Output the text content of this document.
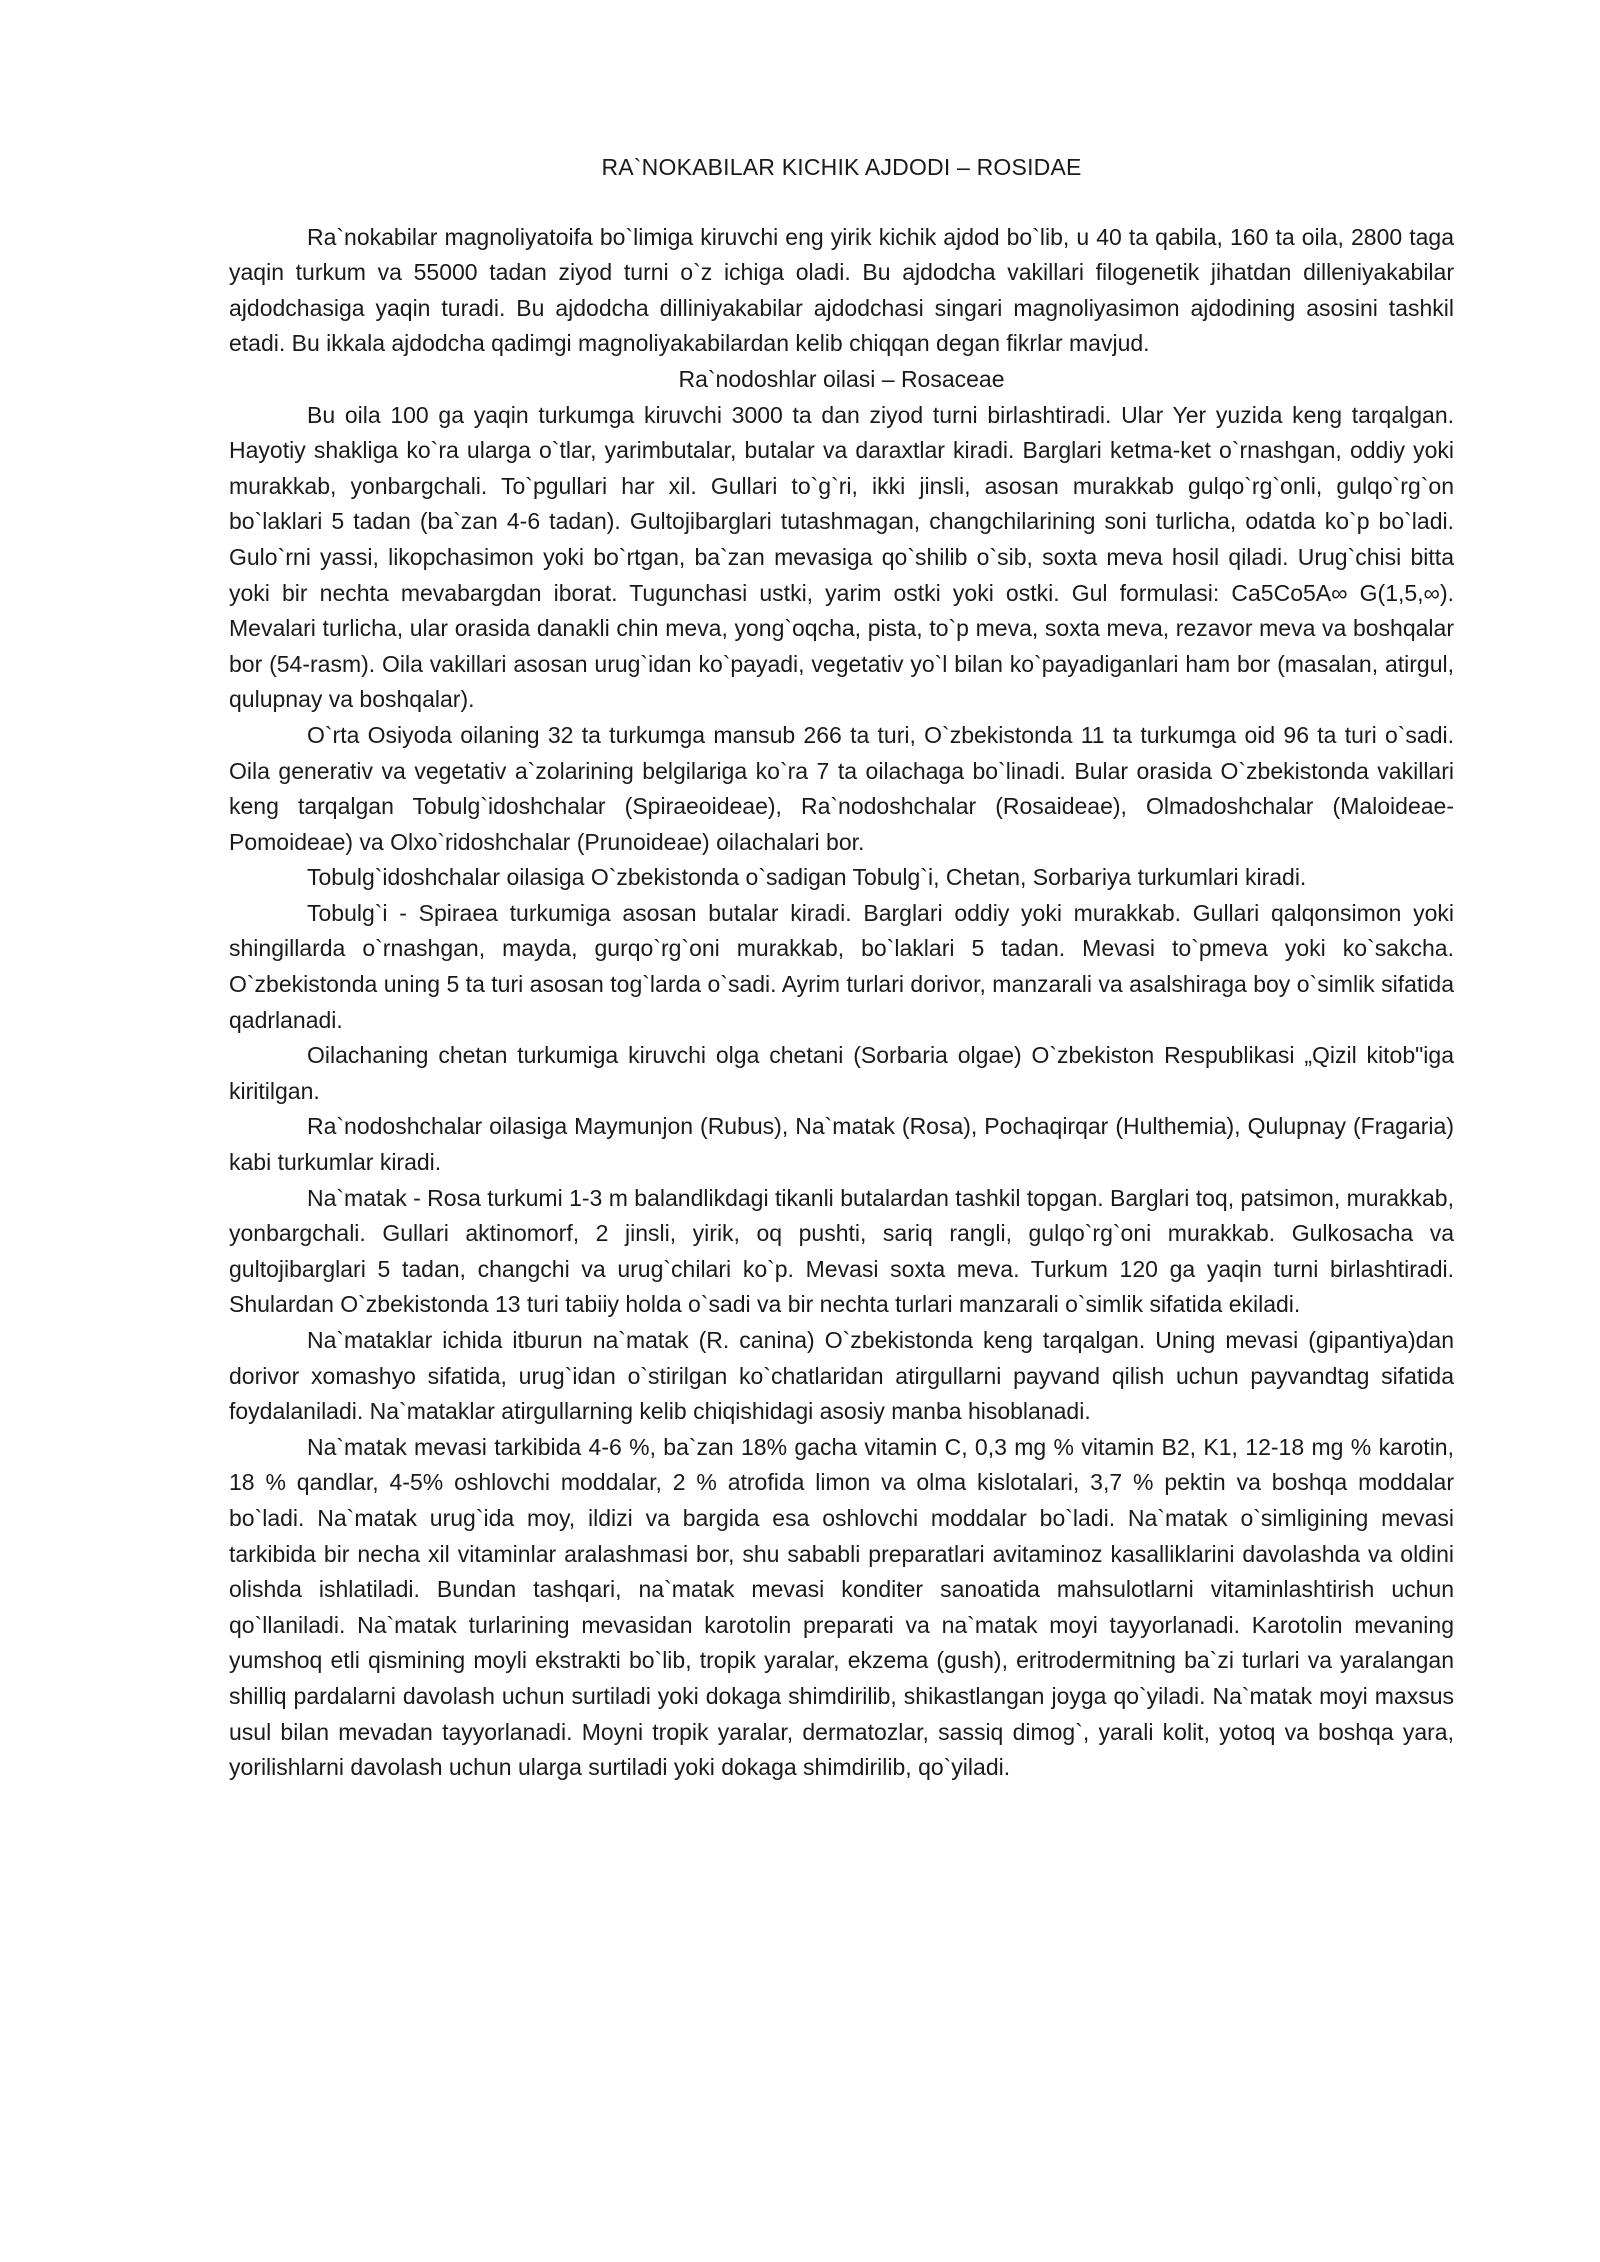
RA`NOKABILAR KICHIK AJDODI – ROSIDAE

Ra`nokabilar magnoliyatoifa bo`limiga kiruvchi eng yirik kichik ajdod bo`lib, u 40 ta qabila, 160 ta oila, 2800 taga yaqin turkum va 55000 tadan ziyod turni o`z ichiga oladi. Bu ajdodcha vakillari filogenetik jihatdan dilleniyakabilar ajdodchasiga yaqin turadi. Bu ajdodcha dilliniyakabilar ajdodchasi singari magnoliyasimon ajdodining asosini tashkil etadi. Bu ikkala ajdodcha qadimgi magnoliyakabilardan kelib chiqqan degan fikrlar mavjud.

Ra`nodoshlar oilasi – Rosaceae

Bu oila 100 ga yaqin turkumga kiruvchi 3000 ta dan ziyod turni birlashtiradi. Ular Yer yuzida keng tarqalgan. Hayotiy shakliga ko`ra ularga o`tlar, yarimbutalar, butalar va daraxtlar kiradi. Barglari ketma-ket o`rnashgan, oddiy yoki murakkab, yonbargchali. To`pgullari har xil. Gullari to`g`ri, ikki jinsli, asosan murakkab gulqo`rg`onli, gulqo`rg`on bo`laklari 5 tadan (ba`zan 4-6 tadan). Gultojibarglari tutashmagan, changchilarining soni turlicha, odatda ko`p bo`ladi. Gulo`rni yassi, likopchasimon yoki bo`rtgan, ba`zan mevasiga qo`shilib o`sib, soxta meva hosil qiladi. Urug`chisi bitta yoki bir nechta mevabargdan iborat. Tugunchasi ustki, yarim ostki yoki ostki. Gul formulasi: Ca5Co5A∞ G(1,5,∞). Mevalari turlicha, ular orasida danakli chin meva, yong`oqcha, pista, to`p meva, soxta meva, rezavor meva va boshqalar bor (54-rasm). Oila vakillari asosan urug`idan ko`payadi, vegetativ yo`l bilan ko`payadiganlari ham bor (masalan, atirgul, qulupnay va boshqalar).

O`rta Osiyoda oilaning 32 ta turkumga mansub 266 ta turi, O`zbekistonda 11 ta turkumga oid 96 ta turi o`sadi. Oila generativ va vegetativ a`zolarining belgilariga ko`ra 7 ta oilachaga bo`linadi. Bular orasida O`zbekistonda vakillari keng tarqalgan Tobulg`idoshchalar (Spiraeoideae), Ra`nodoshchalar (Rosaideae), Olmadoshchalar (Maloideae-Pomoideae) va Olxo`ridoshchalar (Prunoideae) oilachalari bor.

Tobulg`idoshchalar oilasiga O`zbekistonda o`sadigan Tobulg`i, Chetan, Sorbariya turkumlari kiradi.

Tobulg`i - Spiraea turkumiga asosan butalar kiradi. Barglari oddiy yoki murakkab. Gullari qalqonsimon yoki shingillarda o`rnashgan, mayda, gurqo`rg`oni murakkab, bo`laklari 5 tadan. Mevasi to`pmeva yoki ko`sakcha. O`zbekistonda uning 5 ta turi asosan tog`larda o`sadi. Ayrim turlari dorivor, manzarali va asalshiraga boy o`simlik sifatida qadrlanadi.

Oilachaning chetan turkumiga kiruvchi olga chetani (Sorbaria olgae) O`zbekiston Respublikasi „Qizil kitob"iga kiritilgan.

Ra`nodoshchalar oilasiga Maymunjon (Rubus), Na`matak (Rosa), Pochaqirqar (Hulthemia), Qulupnay (Fragaria) kabi turkumlar kiradi.

Na`matak - Rosa turkumi 1-3 m balandlikdagi tikanli butalardan tashkil topgan. Barglari toq, patsimon, murakkab, yonbargchali. Gullari aktinomorf, 2 jinsli, yirik, oq pushti, sariq rangli, gulqo`rg`oni murakkab. Gulkosacha va gultojibarglari 5 tadan, changchi va urug`chilari ko`p. Mevasi soxta meva. Turkum 120 ga yaqin turni birlashtiradi. Shulardan O`zbekistonda 13 turi tabiiy holda o`sadi va bir nechta turlari manzarali o`simlik sifatida ekiladi.

Na`mataklar ichida itburun na`matak (R. canina) O`zbekistonda keng tarqalgan. Uning mevasi (gipantiya)dan dorivor xomashyo sifatida, urug`idan o`stirilgan ko`chatlaridan atirgullarni payvand qilish uchun payvandtag sifatida foydalaniladi. Na`mataklar atirgullarning kelib chiqishidagi asosiy manba hisoblanadi.

Na`matak mevasi tarkibida 4-6 %, ba`zan 18% gacha vitamin C, 0,3 mg % vitamin B2, K1, 12-18 mg % karotin, 18 % qandlar, 4-5% oshlovchi moddalar, 2 % atrofida limon va olma kislotalari, 3,7 % pektin va boshqa moddalar bo`ladi. Na`matak urug`ida moy, ildizi va bargida esa oshlovchi moddalar bo`ladi. Na`matak o`simligining mevasi tarkibida bir necha xil vitaminlar aralashmasi bor, shu sababli preparatlari avitaminoz kasalliklarini davolashda va oldini olishda ishlatiladi. Bundan tashqari, na`matak mevasi konditer sanoatida mahsulotlarni vitaminlashtirish uchun qo`llaniladi. Na`matak turlarining mevasidan karotolin preparati va na`matak moyi tayyorlanadi. Karotolin mevaning yumshoq etli qismining moyli ekstrakti bo`lib, tropik yaralar, ekzema (gush), eritrodermitning ba`zi turlari va yaralangan shilliq pardalarni davolash uchun surtiladi yoki dokaga shimdirilib, shikastlangan joyga qo`yiladi. Na`matak moyi maxsus usul bilan mevadan tayyorlanadi. Moyni tropik yaralar, dermatozlar, sassiq dimog`, yarali kolit, yotoq va boshqa yara, yorilishlarni davolash uchun ularga surtiladi yoki dokaga shimdirilib, qo`yiladi.
